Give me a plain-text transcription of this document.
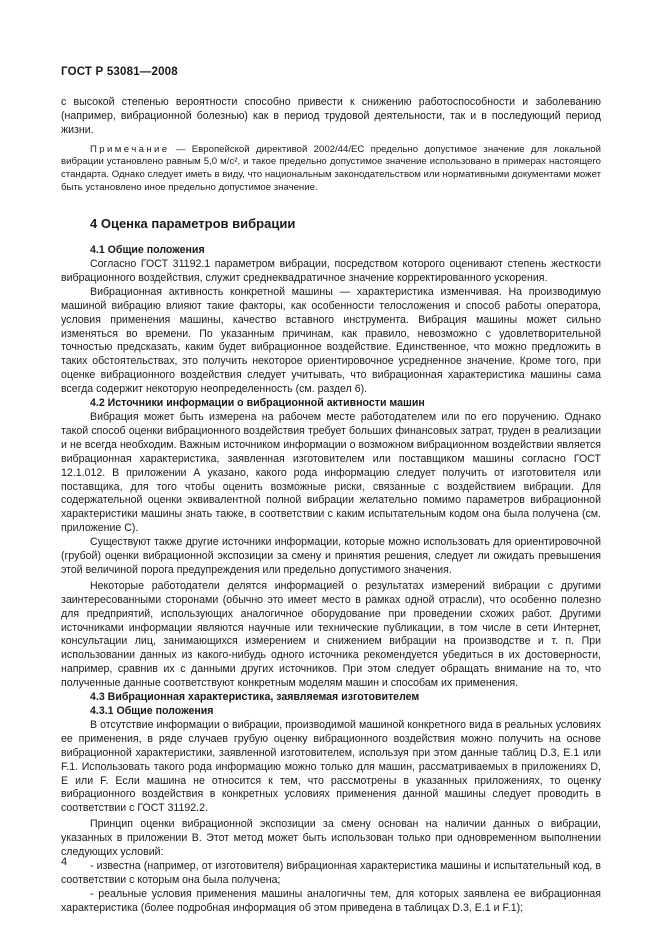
ГОСТ Р 53081—2008

с высокой степенью вероятности способно привести к снижению работоспособности и заболеванию (например, вибрационной болезнью) как в период трудовой деятельности, так и в последующий период жизни.

Примечание — Европейской директивой 2002/44/ЕС предельно допустимое значение для локальной вибрации установлено равным 5,0 м/с², и такое предельно допустимое значение использовано в примерах настоящего стандарта. Однако следует иметь в виду, что национальным законодательством или нормативными документами может быть установлено иное предельно допустимое значение.

4 Оценка параметров вибрации

4.1 Общие положения

Согласно ГОСТ 31192.1 параметром вибрации, посредством которого оценивают степень жесткости вибрационного воздействия, служит среднеквадратичное значение корректированного ускорения.

Вибрационная активность конкретной машины — характеристика изменчивая. На производимую машиной вибрацию влияют такие факторы, как особенности телосложения и способ работы оператора, условия применения машины, качество вставного инструмента. Вибрация машины может сильно изменяться во времени. По указанным причинам, как правило, невозможно с удовлетворительной точностью предсказать, каким будет вибрационное воздействие. Единственное, что можно предложить в таких обстоятельствах, это получить некоторое ориентировочное усредненное значение. Кроме того, при оценке вибрационного воздействия следует учитывать, что вибрационная характеристика машины сама всегда содержит некоторую неопределенность (см. раздел 6).

4.2 Источники информации о вибрационной активности машин

Вибрация может быть измерена на рабочем месте работодателем или по его поручению. Однако такой способ оценки вибрационного воздействия требует больших финансовых затрат, труден в реализации и не всегда необходим. Важным источником информации о возможном вибрационном воздействии является вибрационная характеристика, заявленная изготовителем или поставщиком машины согласно ГОСТ 12.1.012. В приложении А указано, какого рода информацию следует получить от изготовителя или поставщика, для того чтобы оценить возможные риски, связанные с воздействием вибрации. Для содержательной оценки эквивалентной полной вибрации желательно помимо параметров вибрационной характеристики машины знать также, в соответствии с каким испытательным кодом она была получена (см. приложение С).

Существуют также другие источники информации, которые можно использовать для ориентировочной (грубой) оценки вибрационной экспозиции за смену и принятия решения, следует ли ожидать превышения этой величиной порога предупреждения или предельно допустимого значения.

Некоторые работодатели делятся информацией о результатах измерений вибрации с другими заинтересованными сторонами (обычно это имеет место в рамках одной отрасли), что особенно полезно для предприятий, использующих аналогичное оборудование при проведении схожих работ. Другими источниками информации являются научные или технические публикации, в том числе в сети Интернет, консультации лиц, занимающихся измерением и снижением вибрации на производстве и т. п. При использовании данных из какого-нибудь одного источника рекомендуется убедиться в их достоверности, например, сравнив их с данными других источников. При этом следует обращать внимание на то, что полученные данные соответствуют конкретным моделям машин и способам их применения.

4.3 Вибрационная характеристика, заявляемая изготовителем

4.3.1 Общие положения

В отсутствие информации о вибрации, производимой машиной конкретного вида в реальных условиях ее применения, в ряде случаев грубую оценку вибрационного воздействия можно получить на основе вибрационной характеристики, заявленной изготовителем, используя при этом данные таблиц D.3, Е.1 или F.1. Использовать такого рода информацию можно только для машин, рассматриваемых в приложениях D, Е или F. Если машина не относится к тем, что рассмотрены в указанных приложениях, то оценку вибрационного воздействия в конкретных условиях применения данной машины следует проводить в соответствии с ГОСТ 31192.2.

Принцип оценки вибрационной экспозиции за смену основан на наличии данных о вибрации, указанных в приложении В. Этот метод может быть использован только при одновременном выполнении следующих условий:

- известна (например, от изготовителя) вибрационная характеристика машины и испытательный код, в соответствии с которым она была получена;

- реальные условия применения машины аналогичны тем, для которых заявлена ее вибрационная характеристика (более подробная информация об этом приведена в таблицах D.3, Е.1 и F.1);

4
